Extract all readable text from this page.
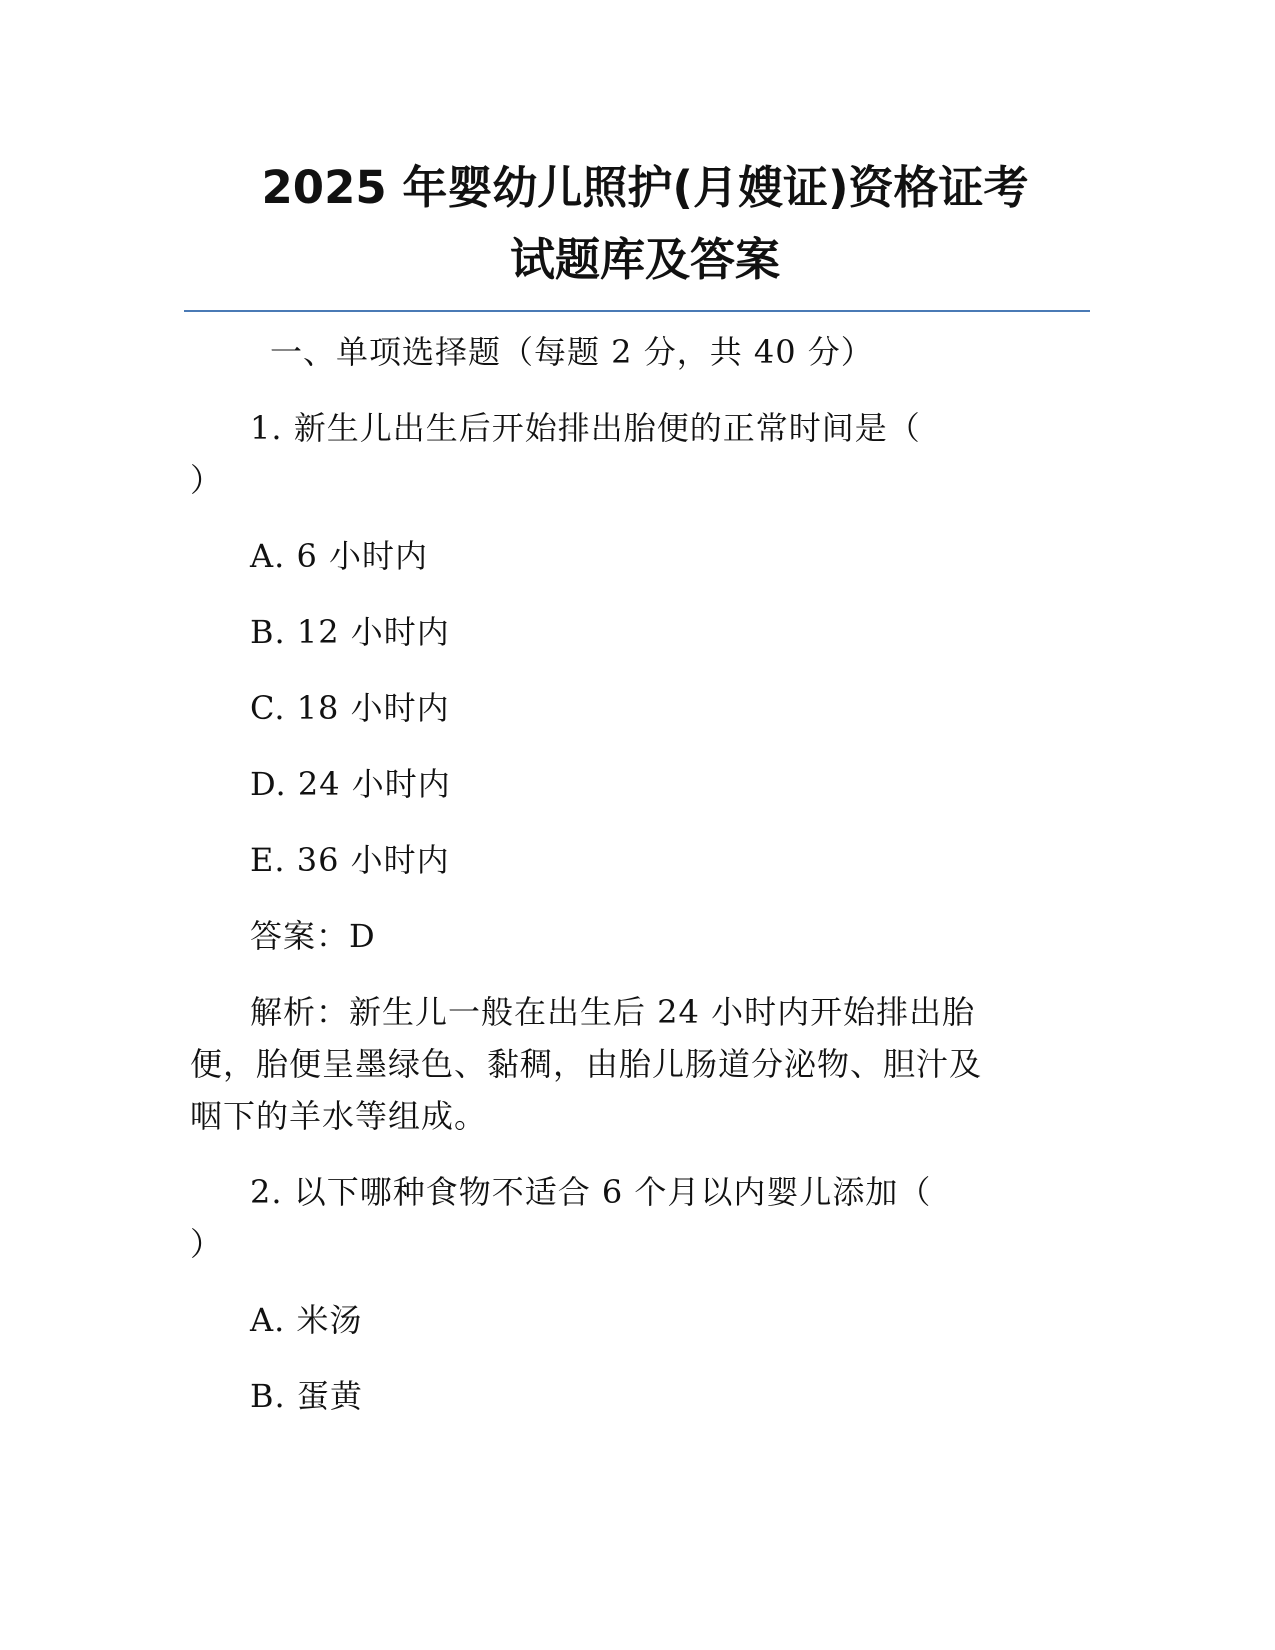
2025 年婴幼儿照护(月嫂证)资格证考
试题库及答案
一、单项选择题（每题 2 分，共 40 分）
1. 新生儿出生后开始排出胎便的正常时间是（
）
A. 6 小时内
B. 12 小时内
C. 18 小时内
D. 24 小时内
E. 36 小时内
答案：D
解析：新生儿一般在出生后 24 小时内开始排出胎
便，胎便呈墨绿色、黏稠，由胎儿肠道分泌物、胆汁及
咽下的羊水等组成。
2. 以下哪种食物不适合 6 个月以内婴儿添加（
）
A. 米汤
B. 蛋黄
